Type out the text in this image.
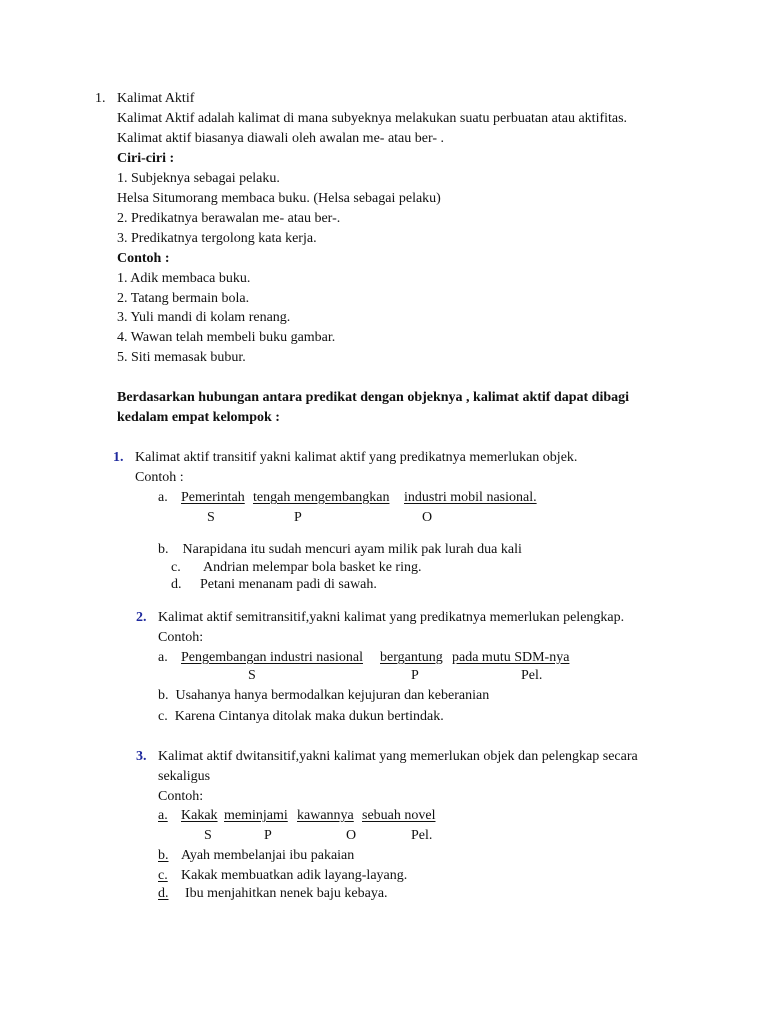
1. Kalimat Aktif
Kalimat Aktif adalah kalimat di mana subyeknya melakukan suatu perbuatan atau aktifitas.
Kalimat aktif biasanya diawali oleh awalan me- atau ber- .
Ciri-ciri :
1. Subjeknya sebagai pelaku.
Helsa Situmorang membaca buku. (Helsa sebagai pelaku)
2. Predikatnya berawalan me- atau ber-.
3. Predikatnya tergolong kata kerja.
Contoh :
1. Adik membaca buku.
2. Tatang bermain bola.
3. Yuli mandi di kolam renang.
4. Wawan telah membeli buku gambar.
5. Siti memasak bubur.
Berdasarkan hubungan antara predikat dengan objeknya , kalimat aktif dapat dibagi
kedalam empat kelompok :
1. Kalimat aktif transitif yakni kalimat aktif yang predikatnya memerlukan objek.
Contoh :
a. Pemerintah tengah mengembangkan industri mobil nasional.
S	P	O
b.    Narapidana itu sudah mencuri ayam milik pak lurah dua kali
c. Andrian melempar bola basket ke ring.
d. Petani menanam padi di sawah.
2. Kalimat aktif semitransitif,yakni kalimat yang predikatnya memerlukan pelengkap.
Contoh:
a. Pengembangan industri nasional bergantung pada mutu SDM-nya
S	P	Pel.
b.  Usahanya hanya bermodalkan kejujuran dan keberanian
c.  Karena Cintanya ditolak maka dukun bertindak.
3. Kalimat aktif dwitansitif,yakni kalimat yang memerlukan objek dan pelengkap secara
sekaligus
Contoh:
a. Kakak meminjami kawannya sebuah novel
S	P	O	Pel.
b. Ayah membelanjai ibu pakaian
c. Kakak membuatkan adik layang-layang.
d. Ibu menjahitkan nenek baju kebaya.
